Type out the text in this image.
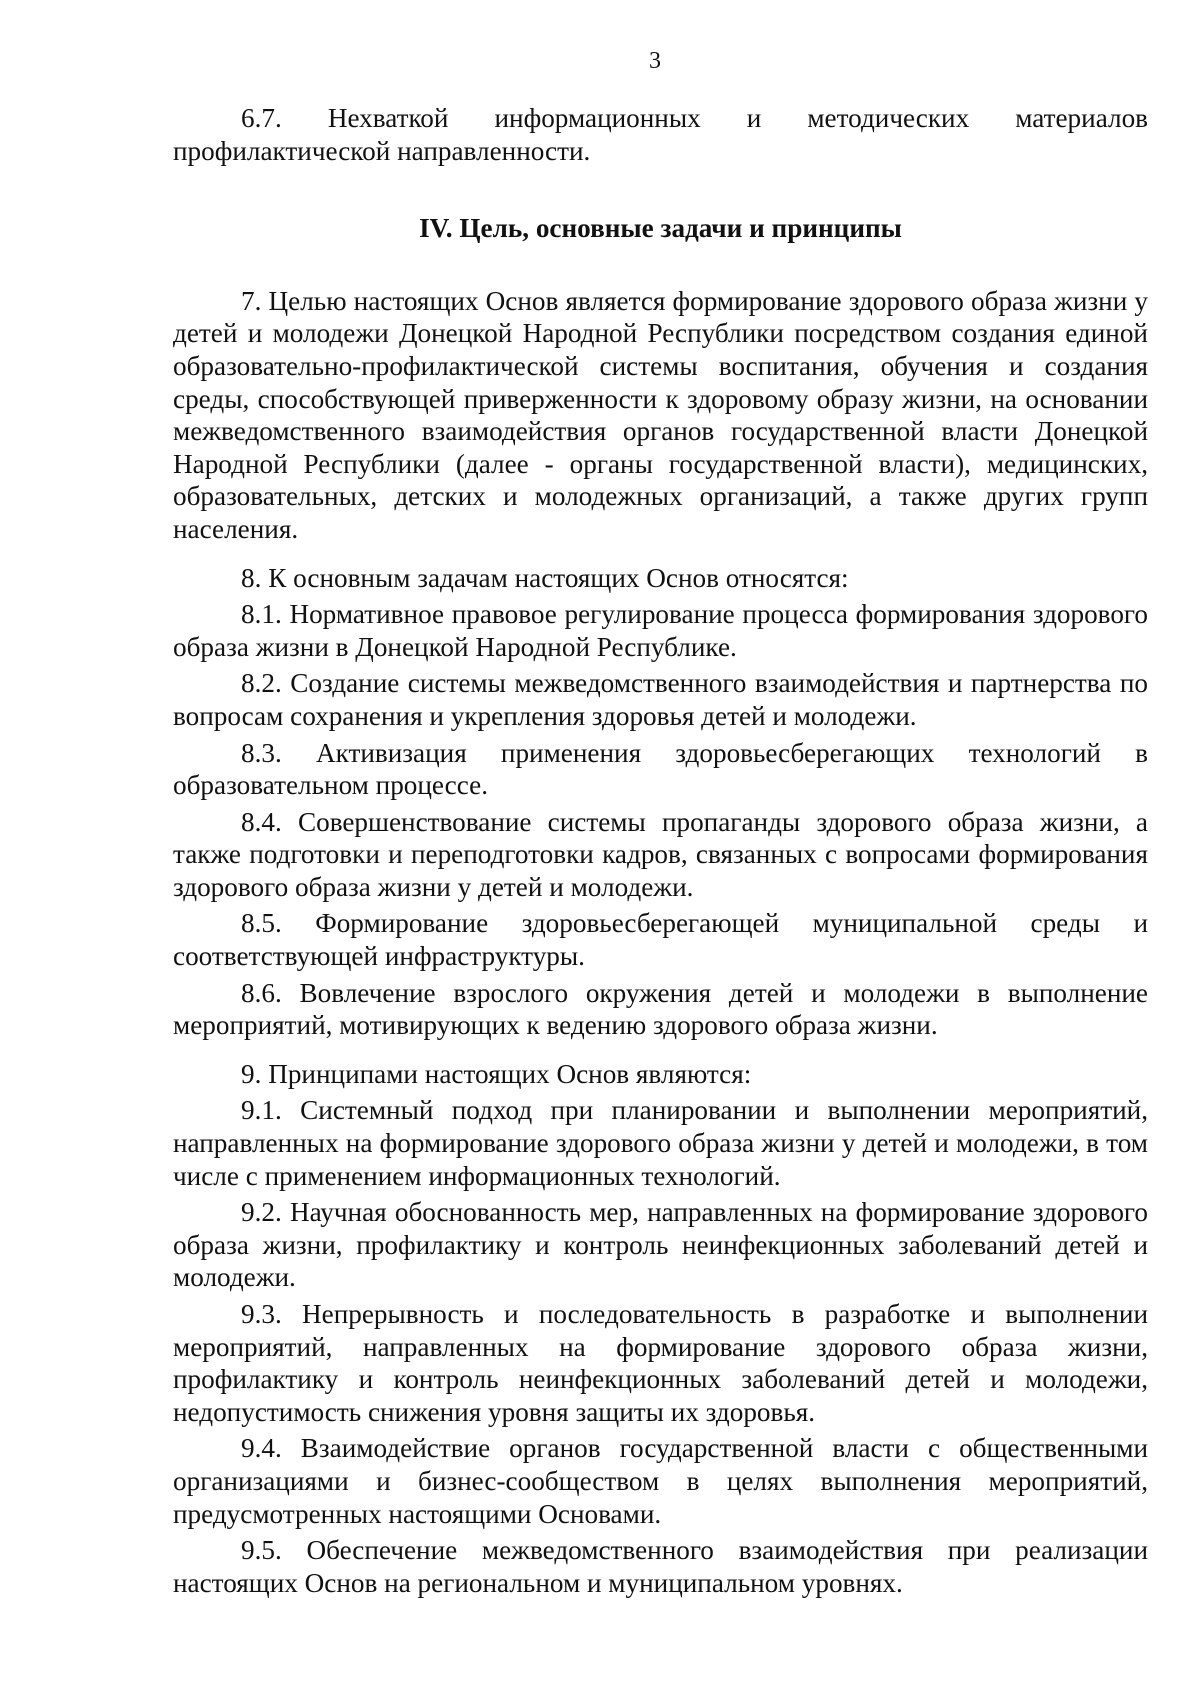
3

6.7. Нехваткой информационных и методических материалов

профилактической направленности.

IV. Цель, основные задачи и принципы

7. Целью настоящих Основ является формирование здорового образа жизни у детей и молодежи Донецкой Народной Республики посредством создания единой образовательно-профилактической системы воспитания, обучения и создания среды, способствующей приверженности к здоровому образу жизни, на основании межведомственного взаимодействия органов государственной власти Донецкой Народной Республики (далее - органы государственной власти), медицинских, образовательных, детских и молодежных организаций, а также других групп населения.

8. К основным задачам настоящих Основ относятся:

8.1. Нормативное правовое регулирование процесса формирования здорового образа жизни в Донецкой Народной Республике.

8.2. Создание системы межведомственного взаимодействия и партнерства по вопросам сохранения и укрепления здоровья детей и молодежи.

8.3. Активизация применения здоровьесберегающих технологий в образовательном процессе.

8.4. Совершенствование системы пропаганды здорового образа жизни, а также подготовки и переподготовки кадров, связанных с вопросами формирования здорового образа жизни у детей и молодежи.

8.5. Формирование здоровьесберегающей муниципальной среды и соответствующей инфраструктуры.

8.6. Вовлечение взрослого окружения детей и молодежи в выполнение мероприятий, мотивирующих к ведению здорового образа жизни.

9. Принципами настоящих Основ являются:

9.1. Системный подход при планировании и выполнении мероприятий, направленных на формирование здорового образа жизни у детей и молодежи, в том числе с применением информационных технологий.

9.2. Научная обоснованность мер, направленных на формирование здорового образа жизни, профилактику и контроль неинфекционных заболеваний детей и молодежи.

9.3. Непрерывность и последовательность в разработке и выполнении мероприятий, направленных на формирование здорового образа жизни, профилактику и контроль неинфекционных заболеваний детей и молодежи, недопустимость снижения уровня защиты их здоровья.

9.4. Взаимодействие органов государственной власти с общественными организациями и бизнес-сообществом в целях выполнения мероприятий, предусмотренных настоящими Основами.

9.5. Обеспечение межведомственного взаимодействия при реализации настоящих Основ на региональном и муниципальном уровнях.
